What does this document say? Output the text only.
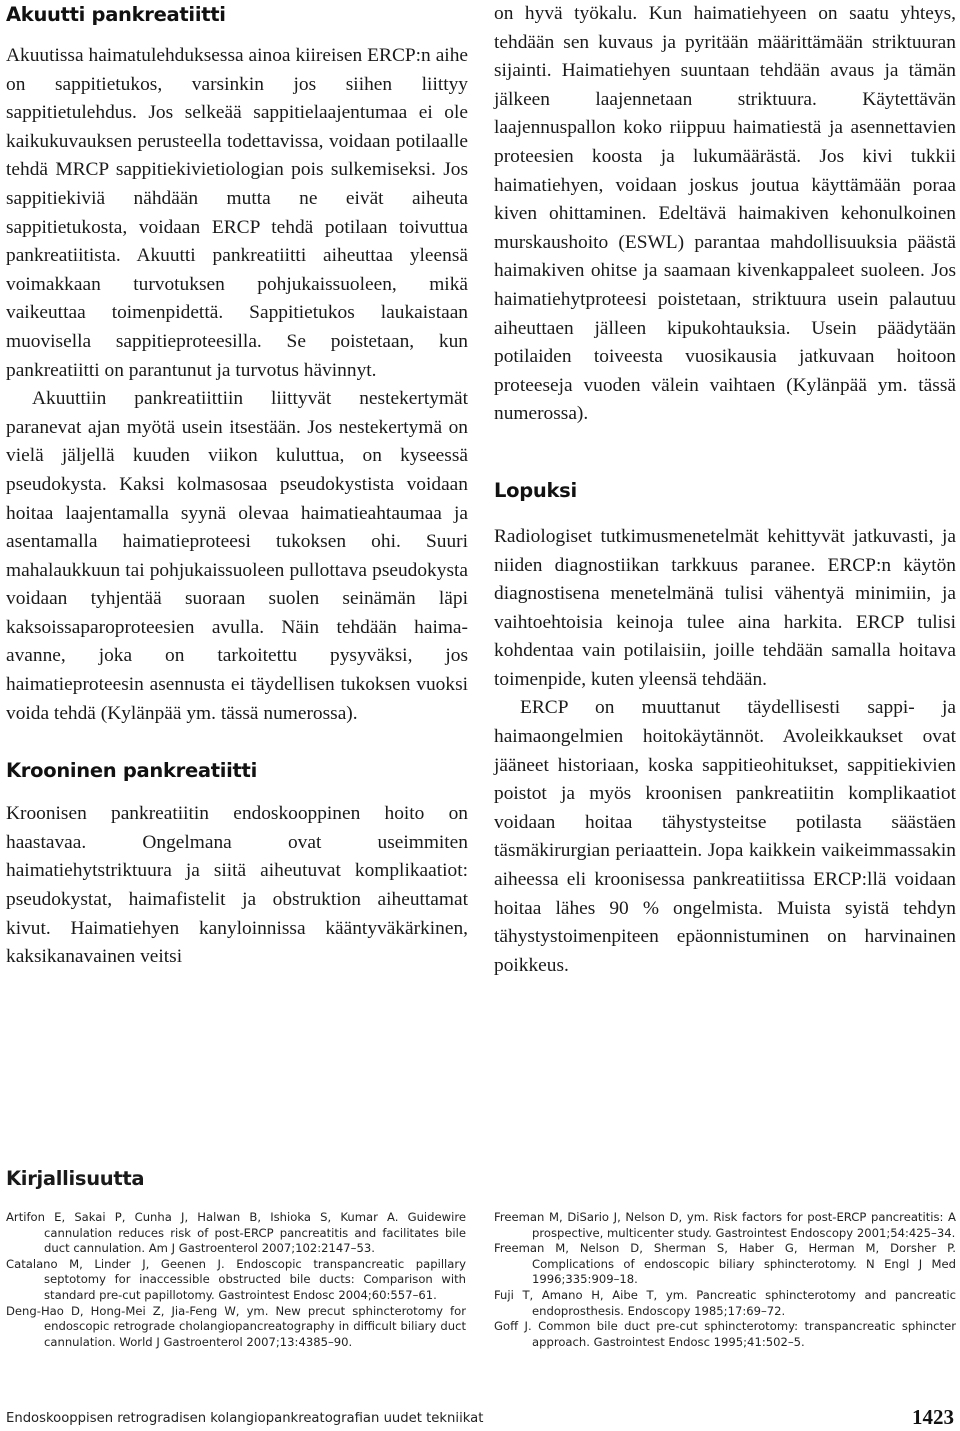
Akuutti pankreatiitti

Akuutissa haimatulehduksessa ainoa kiireisen ERCP:n aihe on sappitietukos, varsinkin jos siihen liittyy sappitietulehdus. Jos selkeää sappitielaajentumaa ei ole kaikukuvauksen perusteella todettavissa, voidaan potilaalle tehdä MRCP sappitiekivietiologian pois sulkemiseksi. Jos sappitiekiviä nähdään mutta ne eivät aiheuta sappitietukosta, voidaan ERCP tehdä potilaan toivuttua pankreatiitista. Akuutti pankreatiitti aiheuttaa yleensä voimakkaan turvotuksen pohjukaissuoleen, mikä vaikeuttaa toimenpidettä. Sappitietukos laukaistaan muovisella sappitieproteesilla. Se poistetaan, kun pankreatiitti on parantunut ja turvotus hävinnyt.

Akuuttiin pankreatiittiin liittyvät nestekertymät paranevat ajan myötä usein itsestään. Jos nestekertymä on vielä jäljellä kuuden viikon kuluttua, on kyseessä pseudokysta. Kaksi kolmasosaa pseudokystista voidaan hoitaa laajentamalla syynä olevaa haimatieahtaumaa ja asentamalla haimatieproteesi tukoksen ohi. Suuri mahalaukkuun tai pohjukaissuoleen pullottava pseudokysta voidaan tyhjentää suoraan suolen seinämän läpi kaksoissaparoproteesien avulla. Näin tehdään haima-avanne, joka on tarkoitettu pysyväksi, jos haimatieproteesin asennusta ei täydellisen tukoksen vuoksi voida tehdä (Kylänpää ym. tässä numerossa).

Krooninen pankreatiitti

Kroonisen pankreatiitin endoskooppinen hoito on haastavaa. Ongelmana ovat useimmiten haimatiehytstriktuura ja siitä aiheutuvat komplikaatiot: pseudokystat, haimafistelit ja obstruktion aiheuttamat kivut. Haimatiehyen kanyloinnissa kääntyväkärkinen, kaksikanavainen veitsi

on hyvä työkalu. Kun haimatiehyeen on saatu yhteys, tehdään sen kuvaus ja pyritään määrittämään striktuuran sijainti. Haimatiehyen suuntaan tehdään avaus ja tämän jälkeen laajennetaan striktuura. Käytettävän laajennuspallon koko riippuu haimatiestä ja asennettavien proteesien koosta ja lukumäärästä. Jos kivi tukkii haimatiehyen, voidaan joskus joutua käyttämään poraa kiven ohittaminen. Edeltävä haimakiven kehonulkoinen murskaushoito (ESWL) parantaa mahdollisuuksia päästä haimakiven ohitse ja saamaan kivenkappaleet suoleen. Jos haimatiehytproteesi poistetaan, striktuura usein palautuu aiheuttaen jälleen kipukohtauksia. Usein päädytään potilaiden toiveesta vuosikausia jatkuvaan hoitoon proteeseja vuoden välein vaihtaen (Kylänpää ym. tässä numerossa).

Lopuksi

Radiologiset tutkimusmenetelmät kehittyvät jatkuvasti, ja niiden diagnostiikan tarkkuus paranee. ERCP:n käytön diagnostisena menetelmänä tulisi vähentyä minimiin, ja vaihtoehtoisia keinoja tulee aina harkita. ERCP tulisi kohdentaa vain potilaisiin, joille tehdään samalla hoitava toimenpide, kuten yleensä tehdään.

ERCP on muuttanut täydellisesti sappi- ja haimaongelmien hoitokäytännöt. Avoleikkaukset ovat jääneet historiaan, koska sappitieohitukset, sappitiekivien poistot ja myös kroonisen pankreatiitin komplikaatiot voidaan hoitaa tähystysteitse potilasta säästäen täsmäkirurgian periaattein. Jopa kaikkein vaikeimmassakin aiheessa eli kroonisessa pankreatiitissa ERCP:llä voidaan hoitaa lähes 90 % ongelmista. Muista syistä tehdyn tähystystoimenpiteen epäonnistuminen on harvinainen poikkeus.

Kirjallisuutta

Artifon E, Sakai P, Cunha J, Halwan B, Ishioka S, Kumar A. Guidewire cannulation reduces risk of post-ERCP pancreatitis and facilitates bile duct cannulation. Am J Gastroenterol 2007;102:2147–53.

Catalano M, Linder J, Geenen J. Endoscopic transpancreatic papillary septotomy for inaccessible obstructed bile ducts: Comparison with standard pre-cut papillotomy. Gastrointest Endosc 2004;60:557–61.

Deng-Hao D, Hong-Mei Z, Jia-Feng W, ym. New precut sphincterotomy for endoscopic retrograde cholangiopancreatography in difficult biliary duct cannulation. World J Gastroenterol 2007;13:4385–90.

Freeman M, DiSario J, Nelson D, ym. Risk factors for post-ERCP pancreatitis: A prospective, multicenter study. Gastrointest Endoscopy 2001;54:425–34.

Freeman M, Nelson D, Sherman S, Haber G, Herman M, Dorsher P. Complications of endoscopic biliary sphincterotomy. N Engl J Med 1996;335:909–18.

Fuji T, Amano H, Aibe T, ym. Pancreatic sphincterotomy and pancreatic endoprosthesis. Endoscopy 1985;17:69–72.

Goff J. Common bile duct pre-cut sphincterotomy: transpancreatic sphincter approach. Gastrointest Endosc 1995;41:502–5.

Endoskooppisen retrogradisen kolangiopankreatografian uudet tekniikat	1423
